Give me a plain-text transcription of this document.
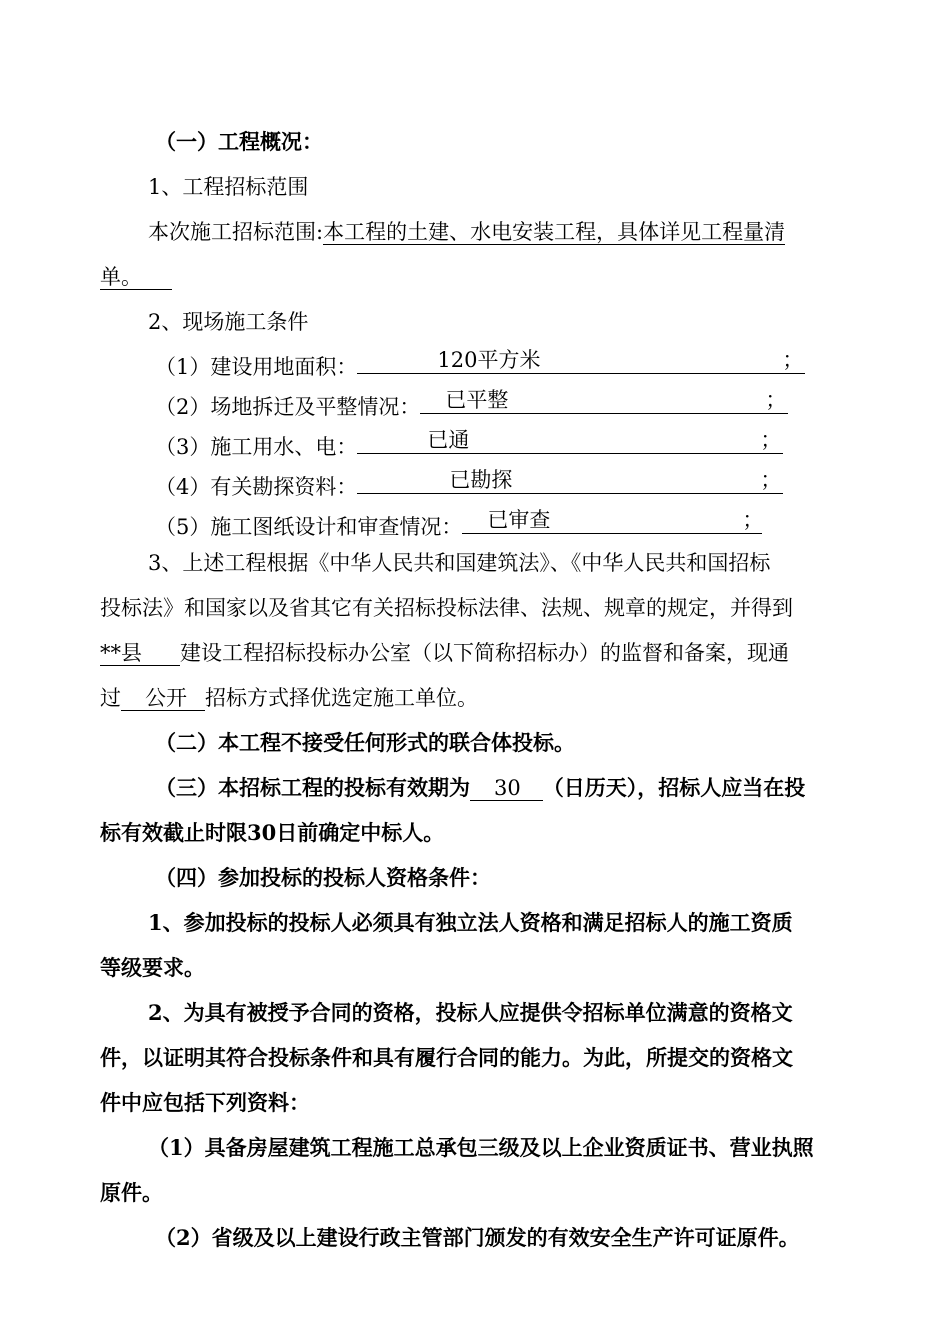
（一）工程概况：
1、工程招标范围
本次施工招标范围:本工程的土建、水电安装工程，具体详见工程量清
单。
2、现场施工条件
（1）建设用地面积：	120平方米	；
（2）场地拆迁及平整情况： 已平整	；
（3）施工用水、电：	已通	；
（4）有关勘探资料：	已勘探	；
（5）施工图纸设计和审查情况： 已审查	；
3、上述工程根据《中华人民共和国建筑法》、《中华人民共和国招标
投标法》和国家以及省其它有关招标投标法律、法规、规章的规定，并得到
**县 建设工程招标投标办公室（以下简称招标办）的监督和备案，现通
过 公开 招标方式择优选定施工单位。
（二）本工程不接受任何形式的联合体投标。
（三）本招标工程的投标有效期为 30 （日历天），招标人应当在投
标有效截止时限30日前确定中标人。
（四）参加投标的投标人资格条件：
1、参加投标的投标人必须具有独立法人资格和满足招标人的施工资质
等级要求。
2、为具有被授予合同的资格，投标人应提供令招标单位满意的资格文
件，以证明其符合投标条件和具有履行合同的能力。为此，所提交的资格文
件中应包括下列资料：
（1）具备房屋建筑工程施工总承包三级及以上企业资质证书、营业执照
原件。
（2）省级及以上建设行政主管部门颁发的有效安全生产许可证原件。
